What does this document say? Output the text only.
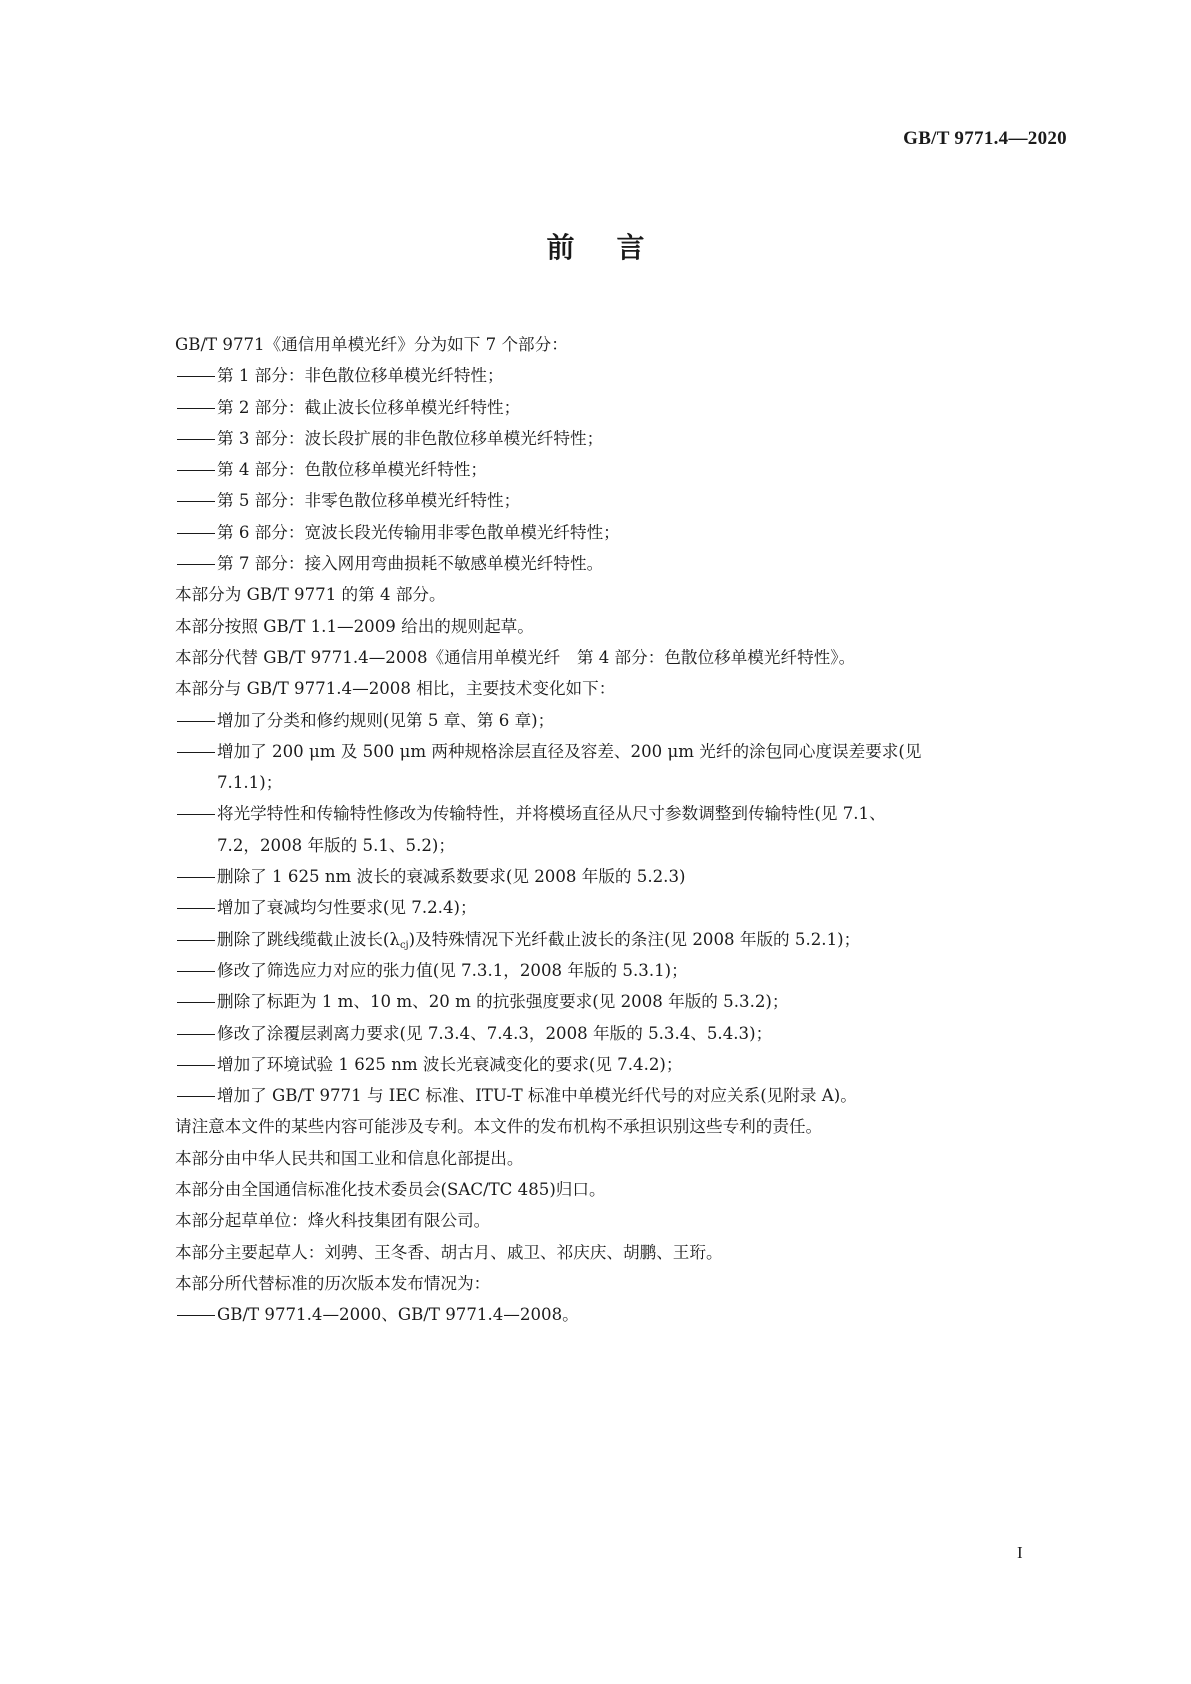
GB/T 9771.4—2020
前言
GB/T 9771《通信用单模光纤》分为如下 7 个部分：
第 1 部分：非色散位移单模光纤特性；
第 2 部分：截止波长位移单模光纤特性；
第 3 部分：波长段扩展的非色散位移单模光纤特性；
第 4 部分：色散位移单模光纤特性；
第 5 部分：非零色散位移单模光纤特性；
第 6 部分：宽波长段光传输用非零色散单模光纤特性；
第 7 部分：接入网用弯曲损耗不敏感单模光纤特性。
本部分为 GB/T 9771 的第 4 部分。
本部分按照 GB/T 1.1—2009 给出的规则起草。
本部分代替 GB/T 9771.4—2008《通信用单模光纤　第 4 部分：色散位移单模光纤特性》。
本部分与 GB/T 9771.4—2008 相比，主要技术变化如下：
增加了分类和修约规则(见第 5 章、第 6 章)；
增加了 200 μm 及 500 μm 两种规格涂层直径及容差、200 μm 光纤的涂包同心度误差要求(见
7.1.1)；
将光学特性和传输特性修改为传输特性，并将模场直径从尺寸参数调整到传输特性(见 7.1、
7.2，2008 年版的 5.1、5.2)；
删除了 1 625 nm 波长的衰减系数要求(见 2008 年版的 5.2.3)
增加了衰减均匀性要求(见 7.2.4)；
删除了跳线缆截止波长(λcj)及特殊情况下光纤截止波长的条注(见 2008 年版的 5.2.1)；
修改了筛选应力对应的张力值(见 7.3.1，2008 年版的 5.3.1)；
删除了标距为 1 m、10 m、20 m 的抗张强度要求(见 2008 年版的 5.3.2)；
修改了涂覆层剥离力要求(见 7.3.4、7.4.3，2008 年版的 5.3.4、5.4.3)；
增加了环境试验 1 625 nm 波长光衰减变化的要求(见 7.4.2)；
增加了 GB/T 9771 与 IEC 标准、ITU-T 标准中单模光纤代号的对应关系(见附录 A)。
请注意本文件的某些内容可能涉及专利。本文件的发布机构不承担识别这些专利的责任。
本部分由中华人民共和国工业和信息化部提出。
本部分由全国通信标准化技术委员会(SAC/TC 485)归口。
本部分起草单位：烽火科技集团有限公司。
本部分主要起草人：刘骋、王冬香、胡古月、戚卫、祁庆庆、胡鹏、王珩。
本部分所代替标准的历次版本发布情况为：
GB/T 9771.4—2000、GB/T 9771.4—2008。
I
